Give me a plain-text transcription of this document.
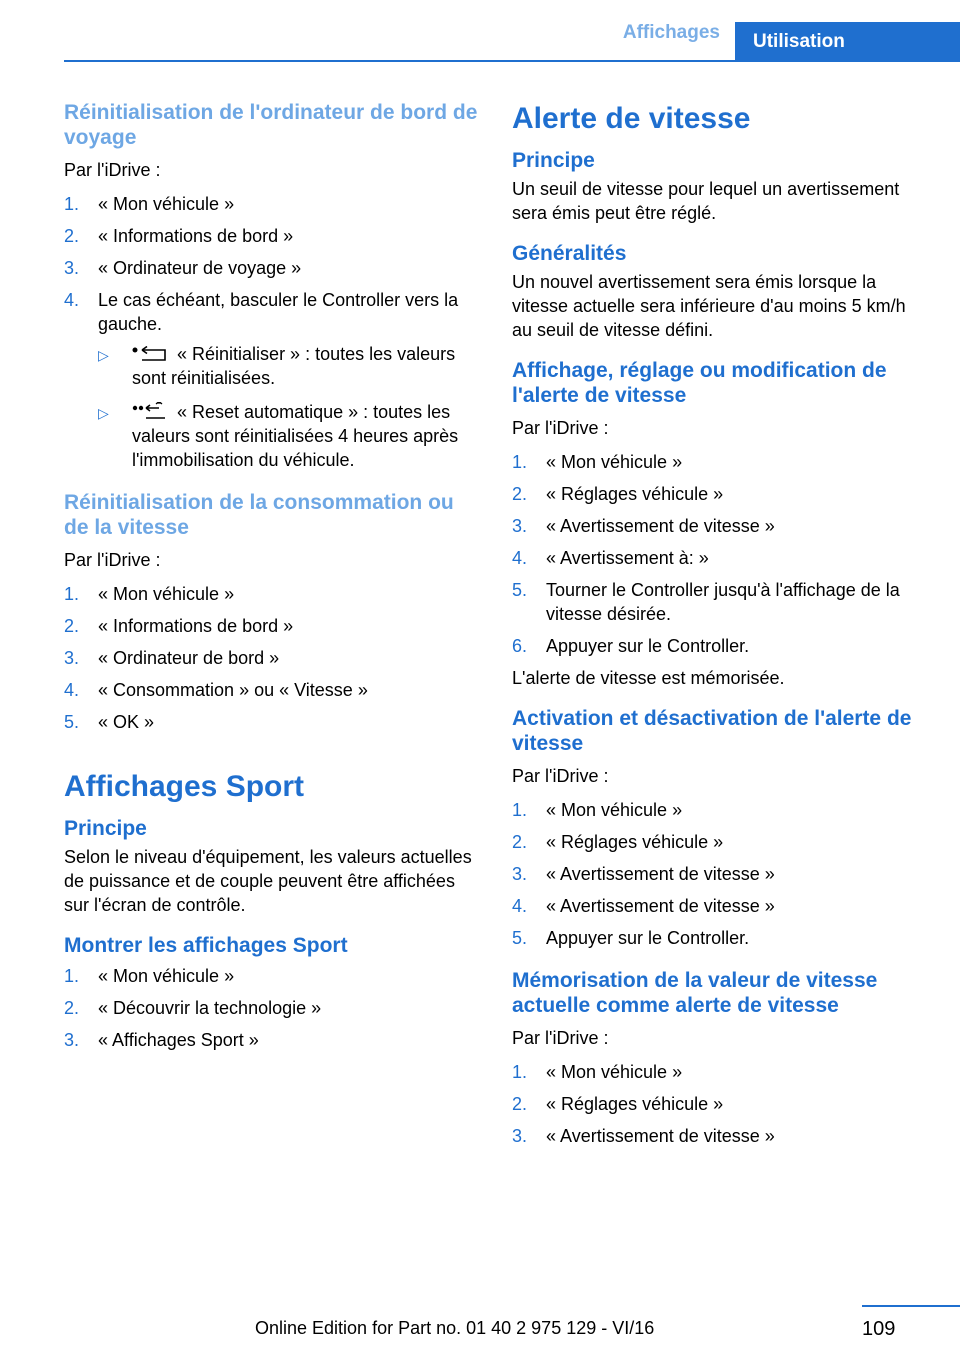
Affichages Utilisation
Réinitialisation de l'ordinateur de bord de voyage

Par l'iDrive :

1. « Mon véhicule »
2. « Informations de bord »
3. « Ordinateur de voyage »
4. Le cas échéant, basculer le Controller vers la gauche.
▷	« Réinitialiser » : toutes les valeurs sont réinitialisées.
▷	« Reset automatique » : toutes les valeurs sont réinitialisées 4 heures après l'immobilisation du véhicule.
Réinitialisation de la consommation ou de la vitesse

Par l'iDrive :

1. « Mon véhicule »
2. « Informations de bord »
3. « Ordinateur de bord »
4. « Consommation » ou « Vitesse »
5. « OK »
Affichages Sport
Principe

Selon le niveau d'équipement, les valeurs actuelles de puissance et de couple peuvent être affichées sur l'écran de contrôle.

Montrer les affichages Sport
1. « Mon véhicule »
2. « Découvrir la technologie »
3. « Affichages Sport »
Alerte de vitesse
Principe

Un seuil de vitesse pour lequel un avertissement sera émis peut être réglé.

Généralités

Un nouvel avertissement sera émis lorsque la vitesse actuelle sera inférieure d'au moins 5 km/h au seuil de vitesse défini.

Affichage, réglage ou modification de l'alerte de vitesse

Par l'iDrive :

1. « Mon véhicule »
2. « Réglages véhicule »
3. « Avertissement de vitesse »
4. « Avertissement à: »
5. Tourner le Controller jusqu'à l'affichage de la vitesse désirée.
6. Appuyer sur le Controller.

L'alerte de vitesse est mémorisée.

Activation et désactivation de l'alerte de vitesse

Par l'iDrive :

1. « Mon véhicule »
2. « Réglages véhicule »
3. « Avertissement de vitesse »
4. « Avertissement de vitesse »
5. Appuyer sur le Controller.
Mémorisation de la valeur de vitesse actuelle comme alerte de vitesse

Par l'iDrive :

1. « Mon véhicule »
2. « Réglages véhicule »
3. « Avertissement de vitesse »
109
Online Edition for Part no. 01 40 2 975 129 - VI/16
